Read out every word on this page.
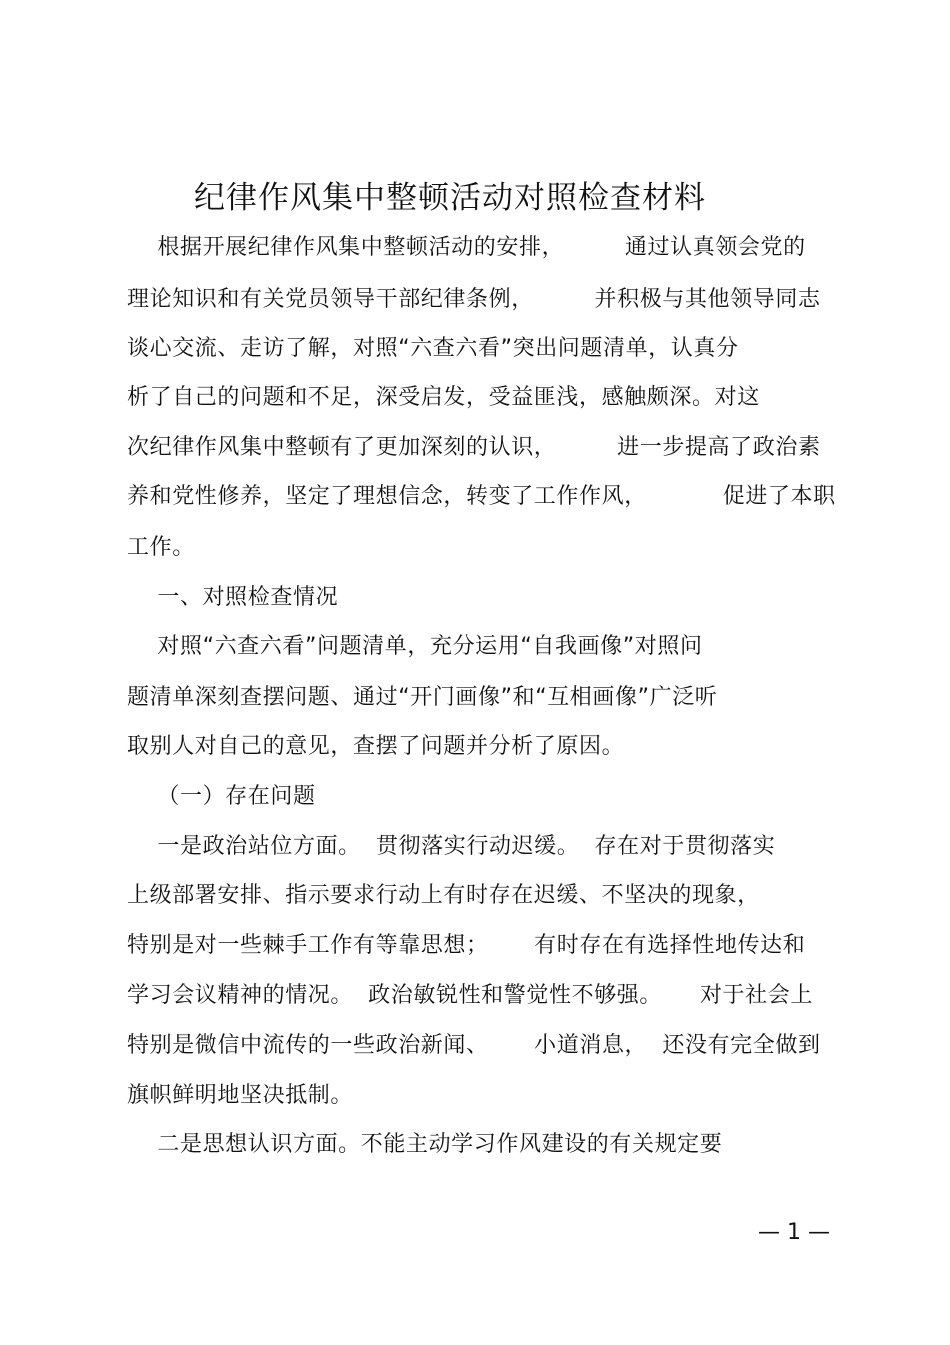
纪律作风集中整顿活动对照检查材料
根据开展纪律作风集中整顿活动的安排，        通过认真领会党的
理论知识和有关党员领导干部纪律条例，        并积极与其他领导同志
谈心交流、走访了解，对照“六查六看”突出问题清单，认真分
析了自己的问题和不足，深受启发，受益匪浅，感触颇深。对这
次纪律作风集中整顿有了更加深刻的认识，        进一步提高了政治素
养和党性修养，坚定了理想信念，转变了工作作风，          促进了本职
工作。
一、对照检查情况
对照“六查六看”问题清单，充分运用“自我画像”对照问
题清单深刻查摆问题、通过“开门画像”和“互相画像”广泛听
取别人对自己的意见，查摆了问题并分析了原因。
（一）存在问题
一是政治站位方面。  贯彻落实行动迟缓。  存在对于贯彻落实
上级部署安排、指示要求行动上有时存在迟缓、不坚决的现象，
特别是对一些棘手工作有等靠思想；      有时存在有选择性地传达和
学习会议精神的情况。  政治敏锐性和警觉性不够强。     对于社会上
特别是微信中流传的一些政治新闻、      小道消息，  还没有完全做到
旗帜鲜明地坚决抵制。
二是思想认识方面。不能主动学习作风建设的有关规定要
— 1 —
